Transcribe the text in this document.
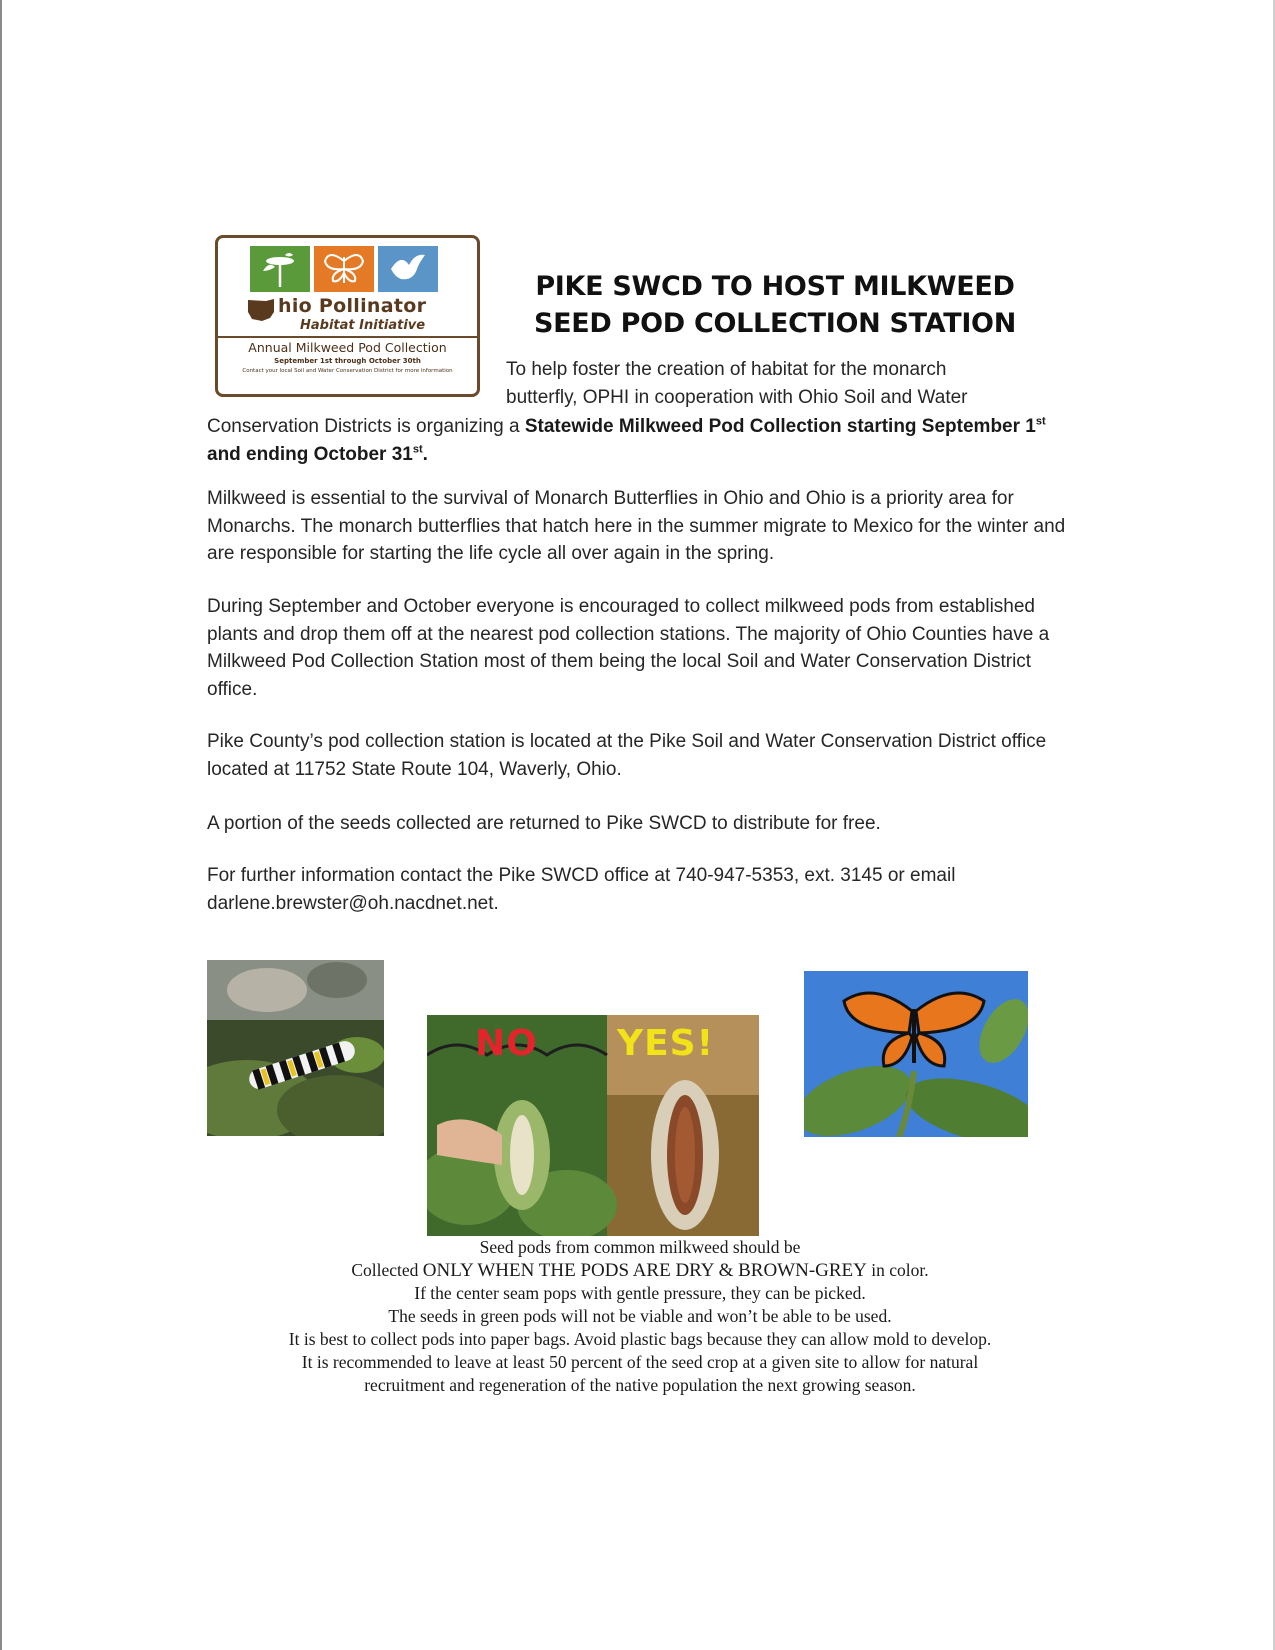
hio Pollinator
Habitat Initiative
Annual Milkweed Pod Collection
September 1st through October 30th
Contact your local Soil and Water Conservation District for more information
PIKE SWCD TO HOST MILKWEED
SEED POD COLLECTION STATION
To help foster the creation of habitat for the monarch
butterfly, OPHI in cooperation with Ohio Soil and Water
Conservation Districts is organizing a Statewide Milkweed Pod Collection starting September 1st and ending October 31st.
Milkweed is essential to the survival of Monarch Butterflies in Ohio and Ohio is a priority area for Monarchs. The monarch butterflies that hatch here in the summer migrate to Mexico for the winter and are responsible for starting the life cycle all over again in the spring.
During September and October everyone is encouraged to collect milkweed pods from established plants and drop them off at the nearest pod collection stations. The majority of Ohio Counties have a Milkweed Pod Collection Station most of them being the local Soil and Water Conservation District office.
Pike County’s pod collection station is located at the Pike Soil and Water Conservation District office located at 11752 State Route 104, Waverly, Ohio.
A portion of the seeds collected are returned to Pike SWCD to distribute for free.
For further information contact the Pike SWCD office at 740-947-5353, ext. 3145 or email
darlene.brewster@oh.nacdnet.net.
NO YES!
Seed pods from common milkweed should be
Collected ONLY WHEN THE PODS ARE DRY & BROWN-GREY in color.
If the center seam pops with gentle pressure, they can be picked.
The seeds in green pods will not be viable and won’t be able to be used.
It is best to collect pods into paper bags. Avoid plastic bags because they can allow mold to develop.
It is recommended to leave at least 50 percent of the seed crop at a given site to allow for natural
recruitment and regeneration of the native population the next growing season.
